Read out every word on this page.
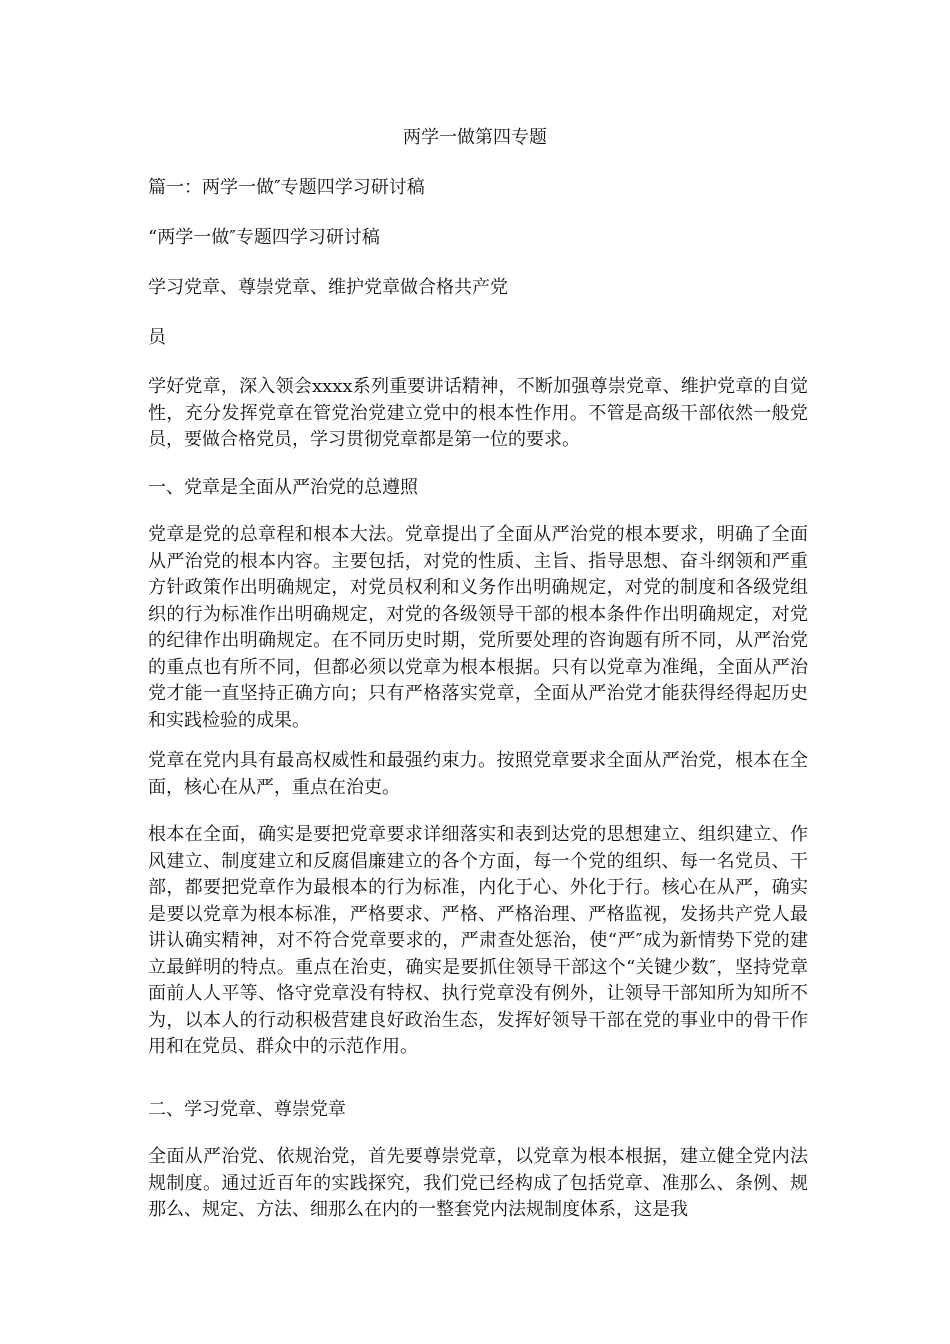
两学一做第四专题
篇一：两学一做″专题四学习研讨稿
“两学一做″专题四学习研讨稿
学习党章、尊崇党章、维护党章做合格共产党
员
学好党章，深入领会xxxx系列重要讲话精神，不断加强尊崇党章、维护党章的自觉性，充分发挥党章在管党治党建立党中的根本性作用。不管是高级干部依然一般党员，要做合格党员，学习贯彻党章都是第一位的要求。
一、党章是全面从严治党的总遵照
党章是党的总章程和根本大法。党章提出了全面从严治党的根本要求，明确了全面从严治党的根本内容。主要包括，对党的性质、主旨、指导思想、奋斗纲领和严重方针政策作出明确规定，对党员权利和义务作出明确规定，对党的制度和各级党组织的行为标准作出明确规定，对党的各级领导干部的根本条件作出明确规定，对党的纪律作出明确规定。在不同历史时期，党所要处理的咨询题有所不同，从严治党的重点也有所不同，但都必须以党章为根本根据。只有以党章为准绳，全面从严治党才能一直坚持正确方向；只有严格落实党章，全面从严治党才能获得经得起历史和实践检验的成果。
党章在党内具有最高权威性和最强约束力。按照党章要求全面从严治党，根本在全面，核心在从严，重点在治吏。
根本在全面，确实是要把党章要求详细落实和表到达党的思想建立、组织建立、作风建立、制度建立和反腐倡廉建立的各个方面，每一个党的组织、每一名党员、干部，都要把党章作为最根本的行为标准，内化于心、外化于行。核心在从严，确实是要以党章为根本标准，严格要求、严格、严格治理、严格监视，发扬共产党人最讲认确实精神，对不符合党章要求的，严肃查处惩治，使“严″成为新情势下党的建立最鲜明的特点。重点在治吏，确实是要抓住领导干部这个“关键少数″，坚持党章面前人人平等、恪守党章没有特权、执行党章没有例外，让领导干部知所为知所不为，以本人的行动积极营建良好政治生态，发挥好领导干部在党的事业中的骨干作用和在党员、群众中的示范作用。
二、学习党章、尊崇党章
全面从严治党、依规治党，首先要尊崇党章，以党章为根本根据，建立健全党内法规制度。通过近百年的实践探究，我们党已经构成了包括党章、准那么、条例、规那么、规定、方法、细那么在内的一整套党内法规制度体系，这是我
